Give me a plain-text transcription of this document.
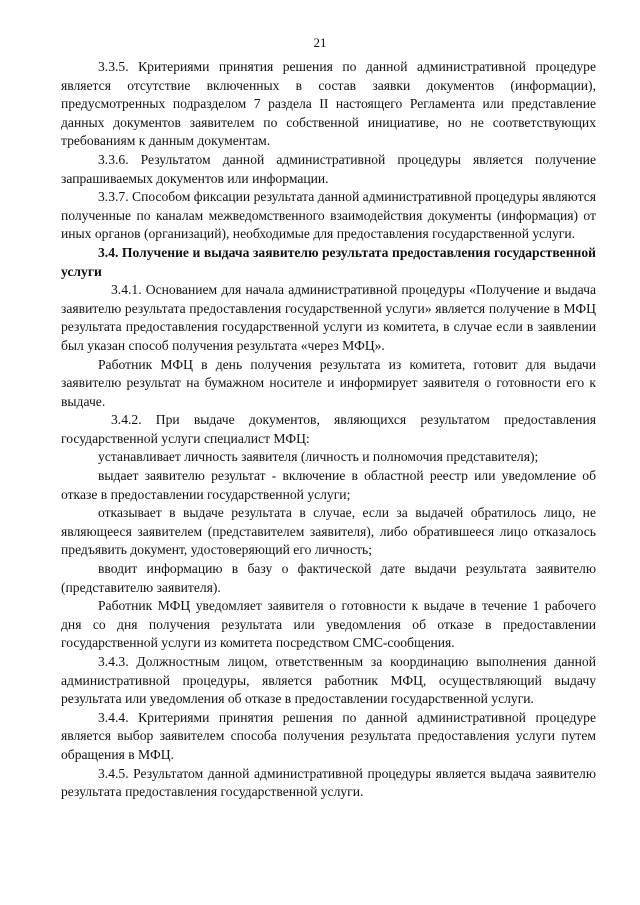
21

3.3.5. Критериями принятия решения по данной административной процедуре является отсутствие включенных в состав заявки документов (информации), предусмотренных подразделом 7 раздела II настоящего Регламента или представление данных документов заявителем по собственной инициативе, но не соответствующих требованиям к данным документам.

3.3.6. Результатом данной административной процедуры является получение запрашиваемых документов или информации.

3.3.7. Способом фиксации результата данной административной процедуры являются полученные по каналам межведомственного взаимодействия документы (информация) от иных органов (организаций), необходимые для предоставления государственной услуги.

3.4. Получение и выдача заявителю результата предоставления государственной услуги

3.4.1. Основанием для начала административной процедуры «Получение и выдача заявителю результата предоставления государственной услуги» является получение в МФЦ результата предоставления государственной услуги из комитета, в случае если в заявлении был указан способ получения результата «через МФЦ».

Работник МФЦ в день получения результата из комитета, готовит для выдачи заявителю результат на бумажном носителе и информирует заявителя о готовности его к выдаче.

3.4.2. При выдаче документов, являющихся результатом предоставления государственной услуги специалист МФЦ:

устанавливает личность заявителя (личность и полномочия представителя);

выдает заявителю результат - включение в областной реестр или уведомление об отказе в предоставлении государственной услуги;

отказывает в выдаче результата в случае, если за выдачей обратилось лицо, не являющееся заявителем (представителем заявителя), либо обратившееся лицо отказалось предъявить документ, удостоверяющий его личность;

вводит информацию в базу о фактической дате выдачи результата заявителю (представителю заявителя).

Работник МФЦ уведомляет заявителя о готовности к выдаче в течение 1 рабочего дня со дня получения результата или уведомления об отказе в предоставлении государственной услуги из комитета посредством СМС-сообщения.

3.4.3. Должностным лицом, ответственным за координацию выполнения данной административной процедуры, является работник МФЦ, осуществляющий выдачу результата или уведомления об отказе в предоставлении государственной услуги.

3.4.4. Критериями принятия решения по данной административной процедуре является выбор заявителем способа получения результата предоставления услуги путем обращения в МФЦ.

3.4.5. Результатом данной административной процедуры является выдача заявителю результата предоставления государственной услуги.
